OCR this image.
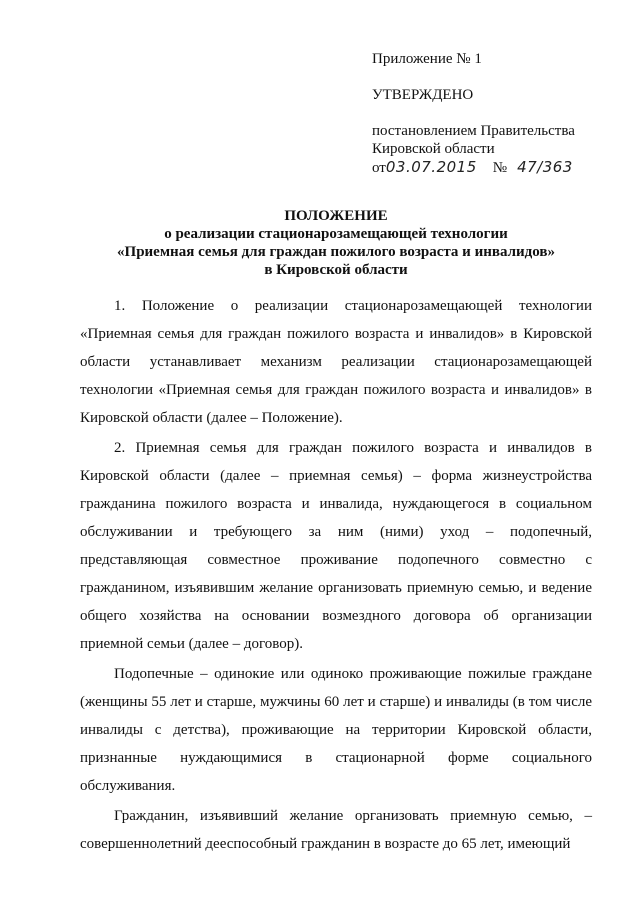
Приложение № 1
УТВЕРЖДЕНО
постановлением Правительства
Кировской области
от03.07.2015 № 47/363
ПОЛОЖЕНИЕ
о реализации стационарозамещающей технологии
«Приемная семья для граждан пожилого возраста и инвалидов»
в Кировской области

1. Положение о реализации стационарозамещающей технологии «Приемная семья для граждан пожилого возраста и инвалидов» в Кировской области устанавливает механизм реализации стационарозамещающей технологии «Приемная семья для граждан пожилого возраста и инвалидов» в Кировской области (далее – Положение).

2. Приемная семья для граждан пожилого возраста и инвалидов в Кировской области (далее – приемная семья) – форма жизнеустройства гражданина пожилого возраста и инвалида, нуждающегося в социальном обслуживании и требующего за ним (ними) уход – подопечный, представляющая совместное проживание подопечного совместно с гражданином, изъявившим желание организовать приемную семью, и ведение общего хозяйства на основании возмездного договора об организации приемной семьи (далее – договор).

Подопечные – одинокие или одиноко проживающие пожилые граждане (женщины 55 лет и старше, мужчины 60 лет и старше) и инвалиды (в том числе инвалиды с детства), проживающие на территории Кировской области, признанные нуждающимися в стационарной форме социального обслуживания.

Гражданин, изъявивший желание организовать приемную семью, – совершеннолетний дееспособный гражданин в возрасте до 65 лет, имеющий
